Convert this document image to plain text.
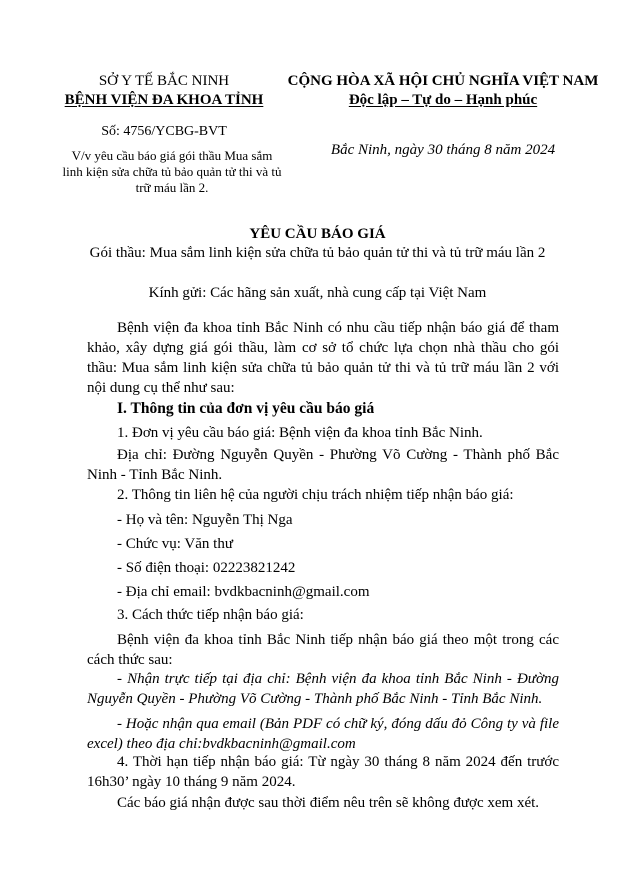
SỞ Y TẾ BẮC NINH
BỆNH VIỆN ĐA KHOA TỈNH
Số: 4756/YCBG-BVT
V/v yêu cầu báo giá gói thầu Mua sắm linh kiện sửa chữa tủ bảo quản tử thi và tủ trữ máu lần 2.
CỘNG HÒA XÃ HỘI CHỦ NGHĨA VIỆT NAM
Độc lập – Tự do – Hạnh phúc
Bắc Ninh, ngày 30 tháng 8 năm 2024
YÊU CẦU BÁO GIÁ
Gói thầu: Mua sắm linh kiện sửa chữa tủ bảo quản tử thi và tủ trữ máu lần 2
Kính gửi: Các hãng sản xuất, nhà cung cấp tại Việt Nam
Bệnh viện đa khoa tỉnh Bắc Ninh có nhu cầu tiếp nhận báo giá để tham khảo, xây dựng giá gói thầu, làm cơ sở tổ chức lựa chọn nhà thầu cho gói thầu: Mua sắm linh kiện sửa chữa tủ bảo quản tử thi và tủ trữ máu lần 2 với nội dung cụ thể như sau:
I. Thông tin của đơn vị yêu cầu báo giá
1. Đơn vị yêu cầu báo giá: Bệnh viện đa khoa tỉnh Bắc Ninh.
Địa chỉ: Đường Nguyễn Quyền - Phường Võ Cường - Thành phố Bắc Ninh - Tỉnh Bắc Ninh.
2. Thông tin liên hệ của người chịu trách nhiệm tiếp nhận báo giá:
- Họ và tên: Nguyễn Thị Nga
- Chức vụ: Văn thư
- Số điện thoại: 02223821242
- Địa chỉ email: bvdkbacninh@gmail.com
3. Cách thức tiếp nhận báo giá:
Bệnh viện đa khoa tỉnh Bắc Ninh tiếp nhận báo giá theo một trong các cách thức sau:
- Nhận trực tiếp tại địa chỉ: Bệnh viện đa khoa tỉnh Bắc Ninh - Đường Nguyễn Quyền - Phường Võ Cường - Thành phố Bắc Ninh - Tỉnh Bắc Ninh.
- Hoặc nhận qua email (Bản PDF có chữ ký, đóng dấu đỏ Công ty và file excel) theo địa chỉ:bvdkbacninh@gmail.com
4. Thời hạn tiếp nhận báo giá: Từ ngày 30 tháng 8 năm 2024 đến trước 16h30’ ngày 10 tháng 9 năm 2024.
Các báo giá nhận được sau thời điểm nêu trên sẽ không được xem xét.
